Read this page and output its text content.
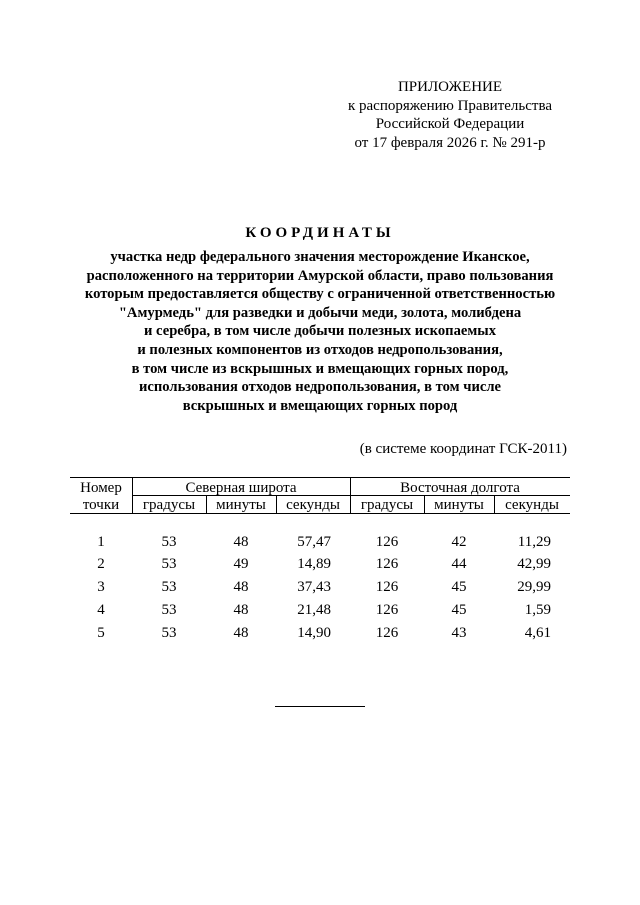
ПРИЛОЖЕНИЕ
к распоряжению Правительства
Российской Федерации
от 17 февраля 2026 г. № 291-р
КООРДИНАТЫ
участка недр федерального значения месторождение Иканское,
расположенного на территории Амурской области, право пользования
которым предоставляется обществу с ограниченной ответственностью
"Амурмедь" для разведки и добычи меди, золота, молибдена
и серебра, в том числе добычи полезных ископаемых
и полезных компонентов из отходов недропользования,
в том числе из вскрышных и вмещающих горных пород,
использования отходов недропользования, в том числе
вскрышных и вмещающих горных пород
(в системе координат ГСК-2011)
Номер
точки
Северная широта	Восточная долгота
градусы	минуты	секунды	градусы	минуты	секунды
1	53	48	57,47	126	42	11,29
2	53	49	14,89	126	44	42,99
3	53	48	37,43	126	45	29,99
4	53	48	21,48	126	45	1,59
5	53	48	14,90	126	43	4,61
